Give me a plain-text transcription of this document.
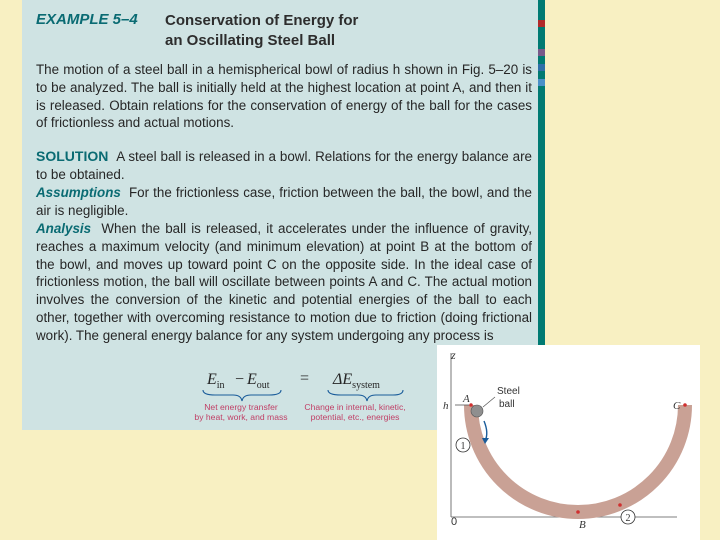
EXAMPLE 5–4 Conservation of Energy for
an Oscillating Steel Ball

The motion of a steel ball in a hemispherical bowl of radius h shown in Fig. 5–20 is to be analyzed. The ball is initially held at the highest location at point A, and then it is released. Obtain relations for the conservation of energy of the ball for the cases of frictionless and actual motions.

SOLUTION A steel ball is released in a bowl. Relations for the energy balance are to be obtained.

Assumptions For the frictionless case, friction between the ball, the bowl, and the air is negligible.

Analysis When the ball is released, it accelerates under the influence of gravity, reaches a maximum velocity (and minimum elevation) at point B at the bottom of the bowl, and moves up toward point C on the opposite side. In the ideal case of frictionless motion, the ball will oscillate between points A and C. The actual motion involves the conversion of the kinetic and potential energies of the ball to each other, together with overcoming resistance to motion due to friction (doing frictional work). The general energy balance for any system undergoing any process is

$E_{in} - E_{out} = \Delta E_{system}$
Net energy transfer
by heat, work, and mass
Change in internal, kinetic,
potential, etc., energies
z
h
A
C
B
0
Steel
ball
1
2
